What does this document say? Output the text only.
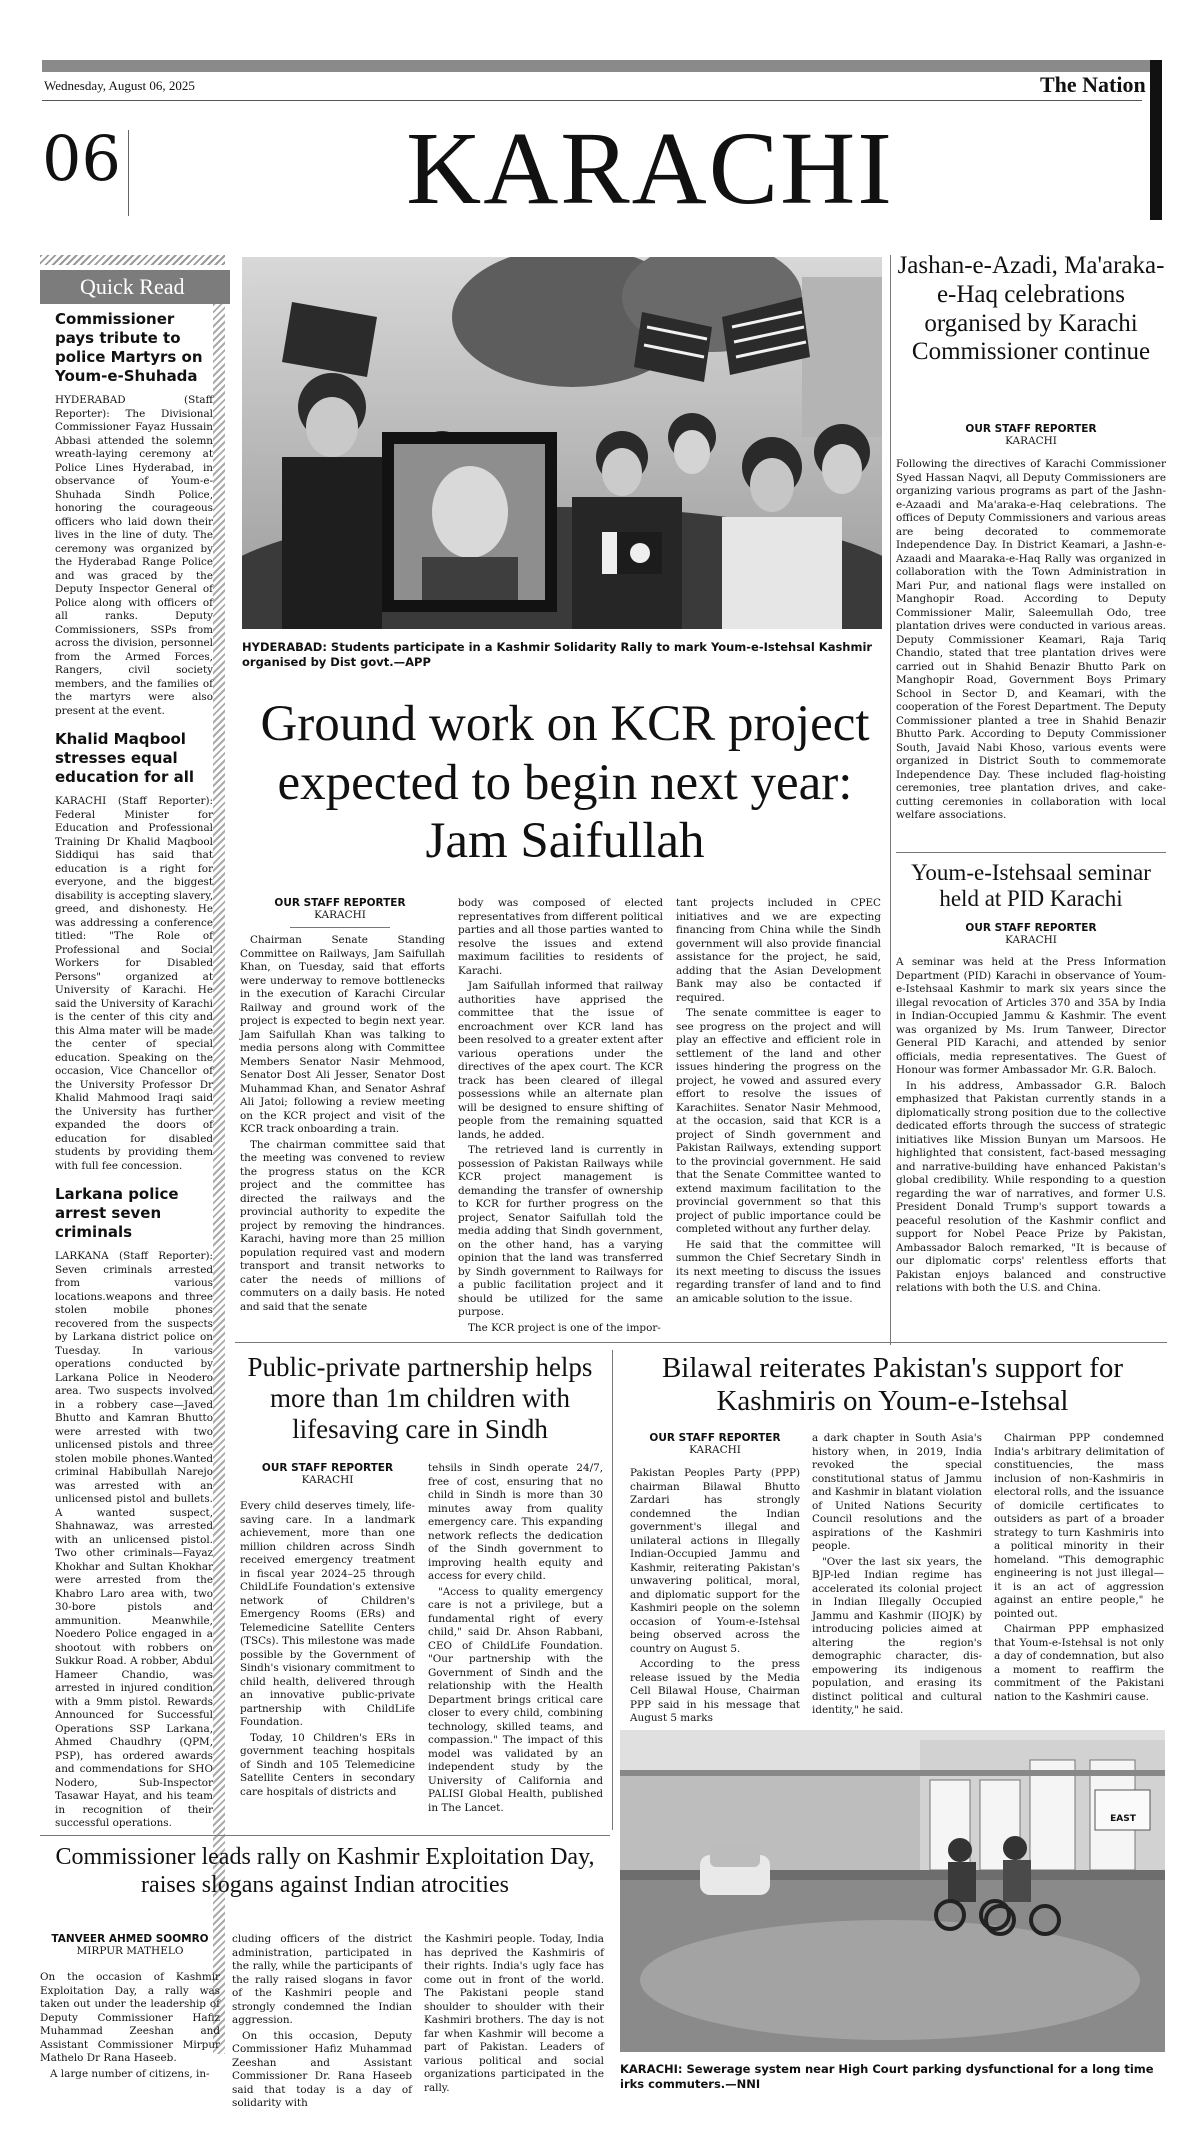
Wednesday, August 06, 2025	The Nation
06	KARACHI
Quick Read
Commissioner pays tribute to police Martyrs on Youm-e-Shuhada
HYDERABAD (Staff Reporter): The Divisional Commissioner Fayaz Hussain Abbasi attended the solemn wreath-laying ceremony at Police Lines Hyderabad, in observance of Youm-e-Shuhada Sindh Police, honoring the courageous officers who laid down their lives in the line of duty. The ceremony was organized by the Hyderabad Range Police and was graced by the Deputy Inspector General of Police along with officers of all ranks. Deputy Commissioners, SSPs from across the division, personnel from the Armed Forces, Rangers, civil society members, and the families of the martyrs were also present at the event.
Khalid Maqbool stresses equal education for all
KARACHI (Staff Reporter): Federal Minister for Education and Professional Training Dr Khalid Maqbool Siddiqui has said that education is a right for everyone, and the biggest disability is accepting slavery, greed, and dishonesty. He was addressing a conference titled: "The Role of Professional and Social Workers for Disabled Persons" organized at University of Karachi. He said the University of Karachi is the center of this city and this Alma mater will be made the center of special education. Speaking on the occasion, Vice Chancellor of the University Professor Dr Khalid Mahmood Iraqi said the University has further expanded the doors of education for disabled students by providing them with full fee concession.
Larkana police arrest seven criminals
LARKANA (Staff Reporter): Seven criminals arrested from various locations.weapons and three stolen mobile phones recovered from the suspects by Larkana district police on Tuesday. In various operations conducted by Larkana Police in Neodero area. Two suspects involved in a robbery case—Javed Bhutto and Kamran Bhutto were arrested with two unlicensed pistols and three stolen mobile phones.Wanted criminal Habibullah Narejo was arrested with an unlicensed pistol and bullets. A wanted suspect, Shahnawaz, was arrested with an unlicensed pistol. Two other criminals—Fayaz Khokhar and Sultan Khokhar were arrested from the Khabro Laro area with, two 30-bore pistols and ammunition. Meanwhile, Noedero Police engaged in a shootout with robbers on Sukkur Road. A robber, Abdul Hameer Chandio, was arrested in injured condition with a 9mm pistol. Rewards Announced for Successful Operations SSP Larkana, Ahmed Chaudhry (QPM, PSP), has ordered awards and commendations for SHO Nodero, Sub-Inspector Tasawar Hayat, and his team in recognition of their successful operations.
HYDERABAD: Students participate in a Kashmir Solidarity Rally to mark Youm-e-Istehsal Kashmir organised by Dist govt.—APP
Ground work on KCR project expected to begin next year: Jam Saifullah
OUR STAFF REPORTER
KARACHI

Chairman Senate Standing Committee on Railways, Jam Saifullah Khan, on Tuesday, said that efforts were underway to remove bottlenecks in the execution of Karachi Circular Railway and ground work of the project is expected to begin next year. Jam Saifullah Khan was talking to media persons along with Committee Members Senator Nasir Mehmood, Senator Dost Ali Jesser, Senator Dost Muhammad Khan, and Senator Ashraf Ali Jatoi; following a review meeting on the KCR project and visit of the KCR track onboarding a train.

The chairman committee said that the meeting was convened to review the progress status on the KCR project and the committee has directed the railways and the provincial authority to expedite the project by removing the hindrances. Karachi, having more than 25 million population required vast and modern transport and transit networks to cater the needs of millions of commuters on a daily basis. He noted and said that the senate

body was composed of elected representatives from different political parties and all those parties wanted to resolve the issues and extend maximum facilities to residents of Karachi.

Jam Saifullah informed that railway authorities have apprised the committee that the issue of encroachment over KCR land has been resolved to a greater extent after various operations under the directives of the apex court. The KCR track has been cleared of illegal possessions while an alternate plan will be designed to ensure shifting of people from the remaining squatted lands, he added.

The retrieved land is currently in possession of Pakistan Railways while KCR project management is demanding the transfer of ownership to KCR for further progress on the project, Senator Saifullah told the media adding that Sindh government, on the other hand, has a varying opinion that the land was transferred by Sindh government to Railways for a public facilitation project and it should be utilized for the same purpose.

The KCR project is one of the impor-

tant projects included in CPEC initiatives and we are expecting financing from China while the Sindh government will also provide financial assistance for the project, he said, adding that the Asian Development Bank may also be contacted if required.

The senate committee is eager to see progress on the project and will play an effective and efficient role in settlement of the land and other issues hindering the progress on the project, he vowed and assured every effort to resolve the issues of Karachiites. Senator Nasir Mehmood, at the occasion, said that KCR is a project of Sindh government and Pakistan Railways, extending support to the provincial government. He said that the Senate Committee wanted to extend maximum facilitation to the provincial government so that this project of public importance could be completed without any further delay.

He said that the committee will summon the Chief Secretary Sindh in its next meeting to discuss the issues regarding transfer of land and to find an amicable solution to the issue.

Jashan-e-Azadi, Ma'araka-e-Haq celebrations organised by Karachi Commissioner continue
OUR STAFF REPORTER
KARACHI

Following the directives of Karachi Commissioner Syed Hassan Naqvi, all Deputy Commissioners are organizing various programs as part of the Jashn-e-Azaadi and Ma'araka-e-Haq celebrations. The offices of Deputy Commissioners and various areas are being decorated to commemorate Independence Day. In District Keamari, a Jashn-e-Azaadi and Maaraka-e-Haq Rally was organized in collaboration with the Town Administration in Mari Pur, and national flags were installed on Manghopir Road. According to Deputy Commissioner Malir, Saleemullah Odo, tree plantation drives were conducted in various areas. Deputy Commissioner Keamari, Raja Tariq Chandio, stated that tree plantation drives were carried out in Shahid Benazir Bhutto Park on Manghopir Road, Government Boys Primary School in Sector D, and Keamari, with the cooperation of the Forest Department. The Deputy Commissioner planted a tree in Shahid Benazir Bhutto Park. According to Deputy Commissioner South, Javaid Nabi Khoso, various events were organized in District South to commemorate Independence Day. These included flag-hoisting ceremonies, tree plantation drives, and cake-cutting ceremonies in collaboration with local welfare associations.

Youm-e-Istehsaal seminar held at PID Karachi
OUR STAFF REPORTER
KARACHI

A seminar was held at the Press Information Department (PID) Karachi in observance of Youm-e-Istehsaal Kashmir to mark six years since the illegal revocation of Articles 370 and 35A by India in Indian-Occupied Jammu & Kashmir. The event was organized by Ms. Irum Tanweer, Director General PID Karachi, and attended by senior officials, media representatives. The Guest of Honour was former Ambassador Mr. G.R. Baloch.

In his address, Ambassador G.R. Baloch emphasized that Pakistan currently stands in a diplomatically strong position due to the collective dedicated efforts through the success of strategic initiatives like Mission Bunyan um Marsoos. He highlighted that consistent, fact-based messaging and narrative-building have enhanced Pakistan's global credibility. While responding to a question regarding the war of narratives, and former U.S. President Donald Trump's support towards a peaceful resolution of the Kashmir conflict and support for Nobel Peace Prize by Pakistan, Ambassador Baloch remarked, "It is because of our diplomatic corps' relentless efforts that Pakistan enjoys balanced and constructive relations with both the U.S. and China.

Public-private partnership helps more than 1m children with lifesaving care in Sindh
OUR STAFF REPORTER
KARACHI

Every child deserves timely, life-saving care. In a landmark achievement, more than one million children across Sindh received emergency treatment in fiscal year 2024–25 through ChildLife Foundation's extensive network of Children's Emergency Rooms (ERs) and Telemedicine Satellite Centers (TSCs). This milestone was made possible by the Government of Sindh's visionary commitment to child health, delivered through an innovative public-private partnership with ChildLife Foundation.

Today, 10 Children's ERs in government teaching hospitals of Sindh and 105 Telemedicine Satellite Centers in secondary care hospitals of districts and

tehsils in Sindh operate 24/7, free of cost, ensuring that no child in Sindh is more than 30 minutes away from quality emergency care. This expanding network reflects the dedication of the Sindh government to improving health equity and access for every child.

"Access to quality emergency care is not a privilege, but a fundamental right of every child," said Dr. Ahson Rabbani, CEO of ChildLife Foundation. "Our partnership with the Government of Sindh and the relationship with the Health Department brings critical care closer to every child, combining technology, skilled teams, and compassion." The impact of this model was validated by an independent study by the University of California and PALISI Global Health, published in The Lancet.

Bilawal reiterates Pakistan's support for Kashmiris on Youm-e-Istehsal
OUR STAFF REPORTER
KARACHI

Pakistan Peoples Party (PPP) chairman Bilawal Bhutto Zardari has strongly condemned the Indian government's illegal and unilateral actions in Illegally Indian-Occupied Jammu and Kashmir, reiterating Pakistan's unwavering political, moral, and diplomatic support for the Kashmiri people on the solemn occasion of Youm-e-Istehsal being observed across the country on August 5.

According to the press release issued by the Media Cell Bilawal House, Chairman PPP said in his message that August 5 marks

a dark chapter in South Asia's history when, in 2019, India revoked the special constitutional status of Jammu and Kashmir in blatant violation of United Nations Security Council resolutions and the aspirations of the Kashmiri people.

"Over the last six years, the BJP-led Indian regime has accelerated its colonial project in Indian Illegally Occupied Jammu and Kashmir (IIOJK) by introducing policies aimed at altering the region's demographic character, dis-empowering its indigenous population, and erasing its distinct political and cultural identity," he said.

Chairman PPP condemned India's arbitrary delimitation of constituencies, the mass inclusion of non-Kashmiris in electoral rolls, and the issuance of domicile certificates to outsiders as part of a broader strategy to turn Kashmiris into a political minority in their homeland. "This demographic engineering is not just illegal—it is an act of aggression against an entire people," he pointed out.

Chairman PPP emphasized that Youm-e-Istehsal is not only a day of condemnation, but also a moment to reaffirm the commitment of the Pakistani nation to the Kashmiri cause.

EAST
KARACHI: Sewerage system near High Court parking dysfunctional for a long time irks commuters.—NNI
Commissioner leads rally on Kashmir Exploitation Day, raises slogans against Indian atrocities
TANVEER AHMED SOOMRO
MIRPUR MATHELO

On the occasion of Kashmir Exploitation Day, a rally was taken out under the leadership of Deputy Commissioner Hafiz Muhammad Zeeshan and Assistant Commissioner Mirpur Mathelo Dr Rana Haseeb.

A large number of citizens, in-

cluding officers of the district administration, participated in the rally, while the participants of the rally raised slogans in favor of the Kashmiri people and strongly condemned the Indian aggression.

On this occasion, Deputy Commissioner Hafiz Muhammad Zeeshan and Assistant Commissioner Dr. Rana Haseeb said that today is a day of solidarity with

the Kashmiri people. Today, India has deprived the Kashmiris of their rights. India's ugly face has come out in front of the world. The Pakistani people stand shoulder to shoulder with their Kashmiri brothers. The day is not far when Kashmir will become a part of Pakistan. Leaders of various political and social organizations participated in the rally.
